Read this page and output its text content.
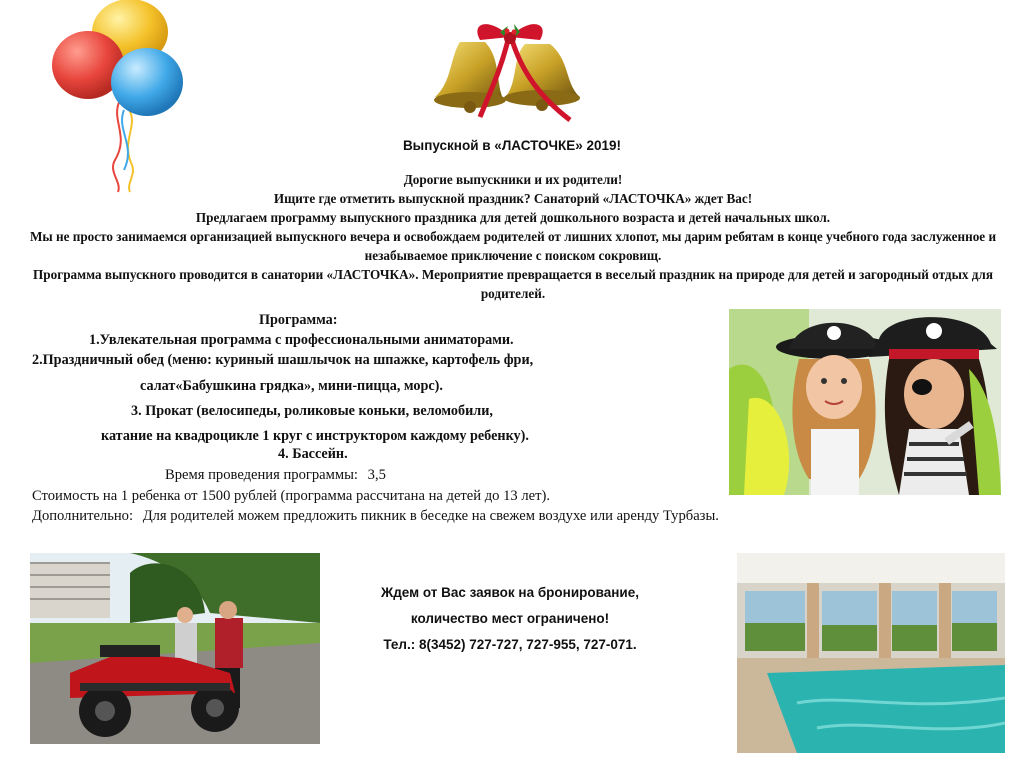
Выпускной в «ЛАСТОЧКЕ» 2019!
Дорогие выпускники и их родители!
Ищите где отметить выпускной праздник? Санаторий «ЛАСТОЧКА» ждет Вас!
Предлагаем программу выпускного праздника для детей дошкольного возраста и детей начальных школ.
Мы не просто занимаемся организацией выпускного вечера и освобождаем родителей от лишних хлопот, мы дарим ребятам в конце учебного года заслуженное и незабываемое приключение с поиском сокровищ.
Программа выпускного проводится в санатории «ЛАСТОЧКА». Мероприятие превращается в веселый праздник на природе для детей и загородный отдых для родителей.
Программа:
1.Увлекательная программа с профессиональными аниматорами.
2.Праздничный обед (меню: куриный шашлычок на шпажке, картофель фри,
салат«Бабушкина грядка», мини-пицца, морс).
3. Прокат (велосипеды, роликовые коньки, веломобили,
катание на квадроцикле 1 круг с инструктором каждому ребенку).
4. Бассейн.
Время проведения программы: 3,5
Стоимость на 1 ребенка от 1500 рублей (программа рассчитана на детей до 13 лет).
Дополнительно: Для родителей можем предложить пикник в беседке на свежем воздухе или аренду Турбазы.
Ждем от Вас заявок на бронирование,
количество мест ограничено!
Тел.: 8(3452) 727-727, 727-955, 727-071.
